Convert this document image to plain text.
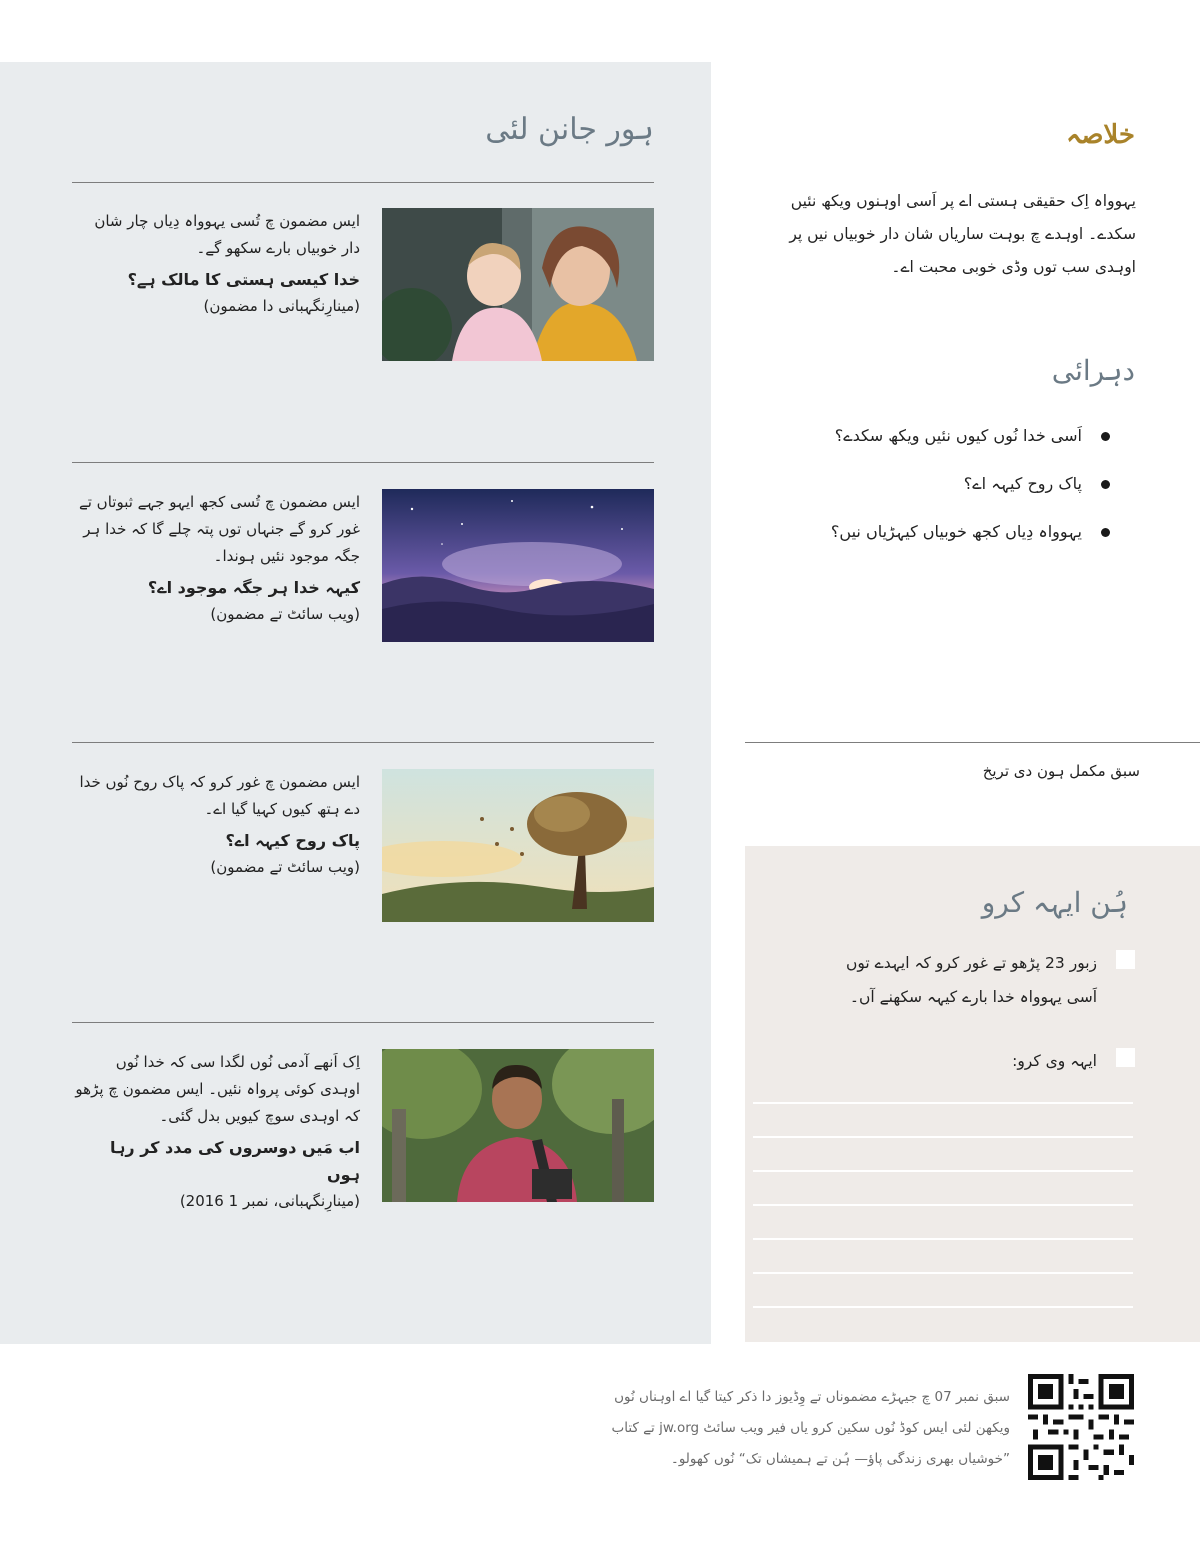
ہور جانن لئی
ایس مضمون چ تُسی یہوواہ دِیاں چار شان دار خوبیاں بارے سکھو گے۔
خدا کیسی ہستی کا مالک ہے؟
(مینارِنگہبانی دا مضمون)
ایس مضمون چ تُسی کجھ ایہو جہے ثبوتاں تے غور کرو گے جنہاں توں پتہ چلے گا کہ خدا ہر جگہ موجود نئیں ہوندا۔
کیہہ خدا ہر جگہ موجود اے؟
(ویب سائٹ تے مضمون)
ایس مضمون چ غور کرو کہ پاک روح نُوں خدا دے ہتھ کیوں کہیا گیا اے۔
پاک روح کیہہ اے؟
(ویب سائٹ تے مضمون)
اِک اَنھے آدمی نُوں لگدا سی کہ خدا نُوں اوہدی کوئی پرواہ نئیں۔ ایس مضمون چ پڑھو کہ اوہدی سوچ کیویں بدل گئی۔
اب مَیں دوسروں کی مدد کر رہا ہوں
(مینارِنگہبانی، نمبر 1 2016)
خلاصہ
یہوواہ اِک حقیقی ہستی اے پر اَسی اوہنوں ویکھ نئیں سکدے۔ اوہدے چ بوہت ساریاں شان دار خوبیاں نیں پر اوہدی سب توں وڈی خوبی محبت اے۔
دہرائی
اَسی خدا نُوں کیوں نئیں ویکھ سکدے؟
پاک روح کیہہ اے؟
یہوواہ دِیاں کجھ خوبیاں کیہڑیاں نیں؟
سبق مکمل ہون دی تریخ
ہُن ایہہ کرو
زبور 23 پڑھو تے غور کرو کہ ایہدے توں اَسی یہوواہ خدا بارے کیہہ سکھنے آں۔
ایہہ وی کرو:
سبق نمبر 07 چ جیہڑے مضموناں تے وِڈیوز دا ذکر کیتا گیا اے اوہناں نُوں ویکھن لئی ایس کوڈ نُوں سکین کرو یاں فیر ویب سائٹ jw.org تے کتاب ”خوشیاں بھری زندگی پاؤ— ہُن تے ہمیشاں تک“ نُوں کھولو۔
